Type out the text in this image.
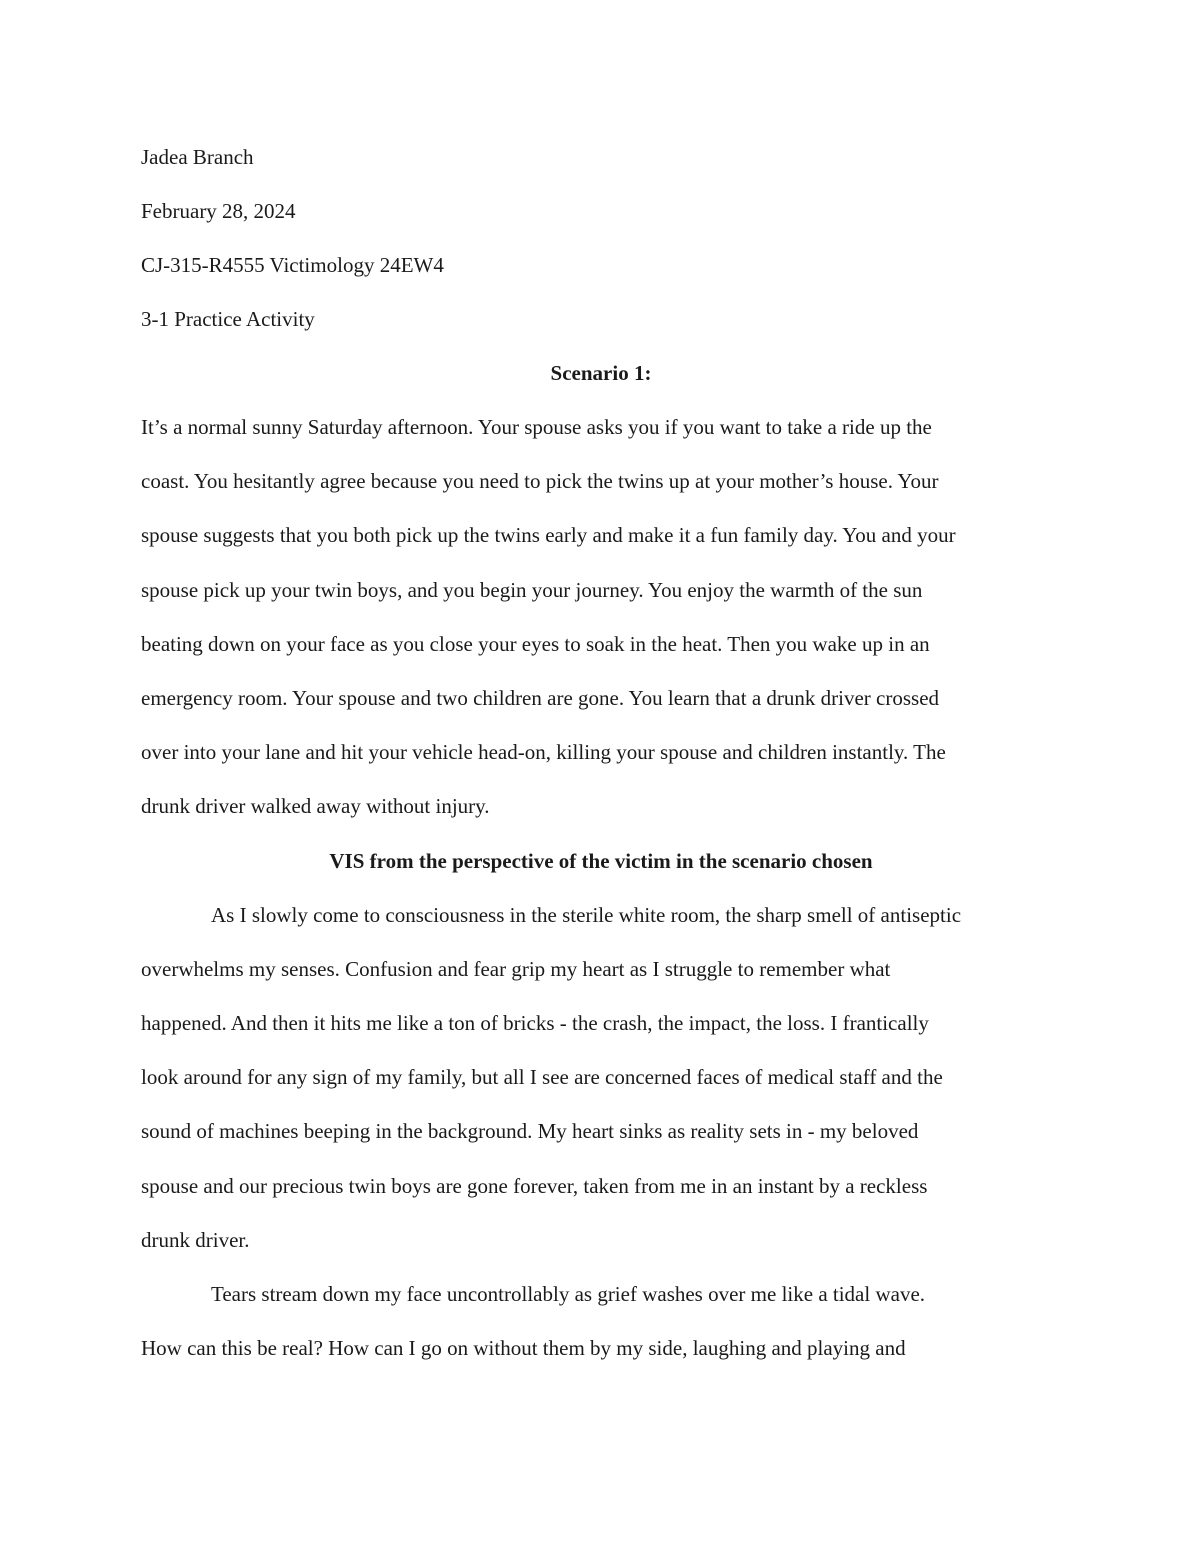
Jadea Branch

February 28, 2024

CJ-315-R4555 Victimology 24EW4

3-1 Practice Activity

Scenario 1:

It’s a normal sunny Saturday afternoon. Your spouse asks you if you want to take a ride up the
coast. You hesitantly agree because you need to pick the twins up at your mother’s house. Your
spouse suggests that you both pick up the twins early and make it a fun family day. You and your
spouse pick up your twin boys, and you begin your journey. You enjoy the warmth of the sun
beating down on your face as you close your eyes to soak in the heat. Then you wake up in an
emergency room. Your spouse and two children are gone. You learn that a drunk driver crossed
over into your lane and hit your vehicle head-on, killing your spouse and children instantly. The
drunk driver walked away without injury.

VIS from the perspective of the victim in the scenario chosen

As I slowly come to consciousness in the sterile white room, the sharp smell of antiseptic
overwhelms my senses. Confusion and fear grip my heart as I struggle to remember what
happened. And then it hits me like a ton of bricks - the crash, the impact, the loss. I frantically
look around for any sign of my family, but all I see are concerned faces of medical staff and the
sound of machines beeping in the background. My heart sinks as reality sets in - my beloved
spouse and our precious twin boys are gone forever, taken from me in an instant by a reckless
drunk driver.
Tears stream down my face uncontrollably as grief washes over me like a tidal wave.
How can this be real? How can I go on without them by my side, laughing and playing and
